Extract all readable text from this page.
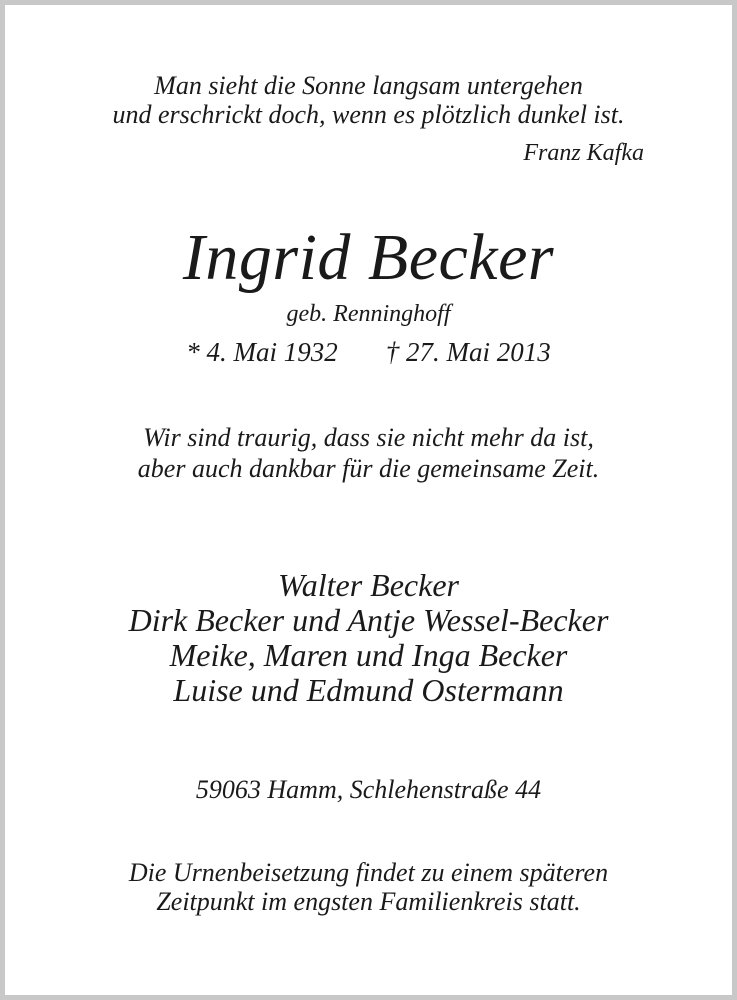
Man sieht die Sonne langsam untergehen
und erschrickt doch, wenn es plötzlich dunkel ist.

Franz Kafka

Ingrid Becker

geb. Renninghoff

* 4. Mai 1932 † 27. Mai 2013

Wir sind traurig, dass sie nicht mehr da ist,
aber auch dankbar für die gemeinsame Zeit.
Walter Becker
Dirk Becker und Antje Wessel-Becker
Meike, Maren und Inga Becker
Luise und Edmund Ostermann

59063 Hamm, Schlehenstraße 44

Die Urnenbeisetzung findet zu einem späteren
Zeitpunkt im engsten Familienkreis statt.
